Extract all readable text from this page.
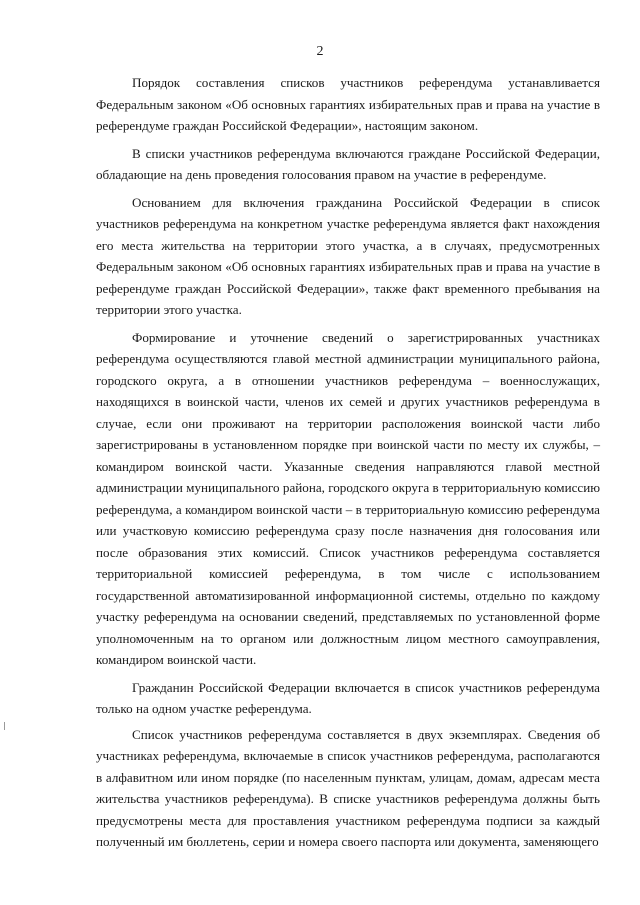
2

Порядок составления списков участников референдума устанавливается Федеральным законом «Об основных гарантиях избирательных прав и права на участие в референдуме граждан Российской Федерации», настоящим законом.

В списки участников референдума включаются граждане Российской Федерации, обладающие на день проведения голосования правом на участие в референдуме.

Основанием для включения гражданина Российской Федерации в список участников референдума на конкретном участке референдума является факт нахождения его места жительства на территории этого участка, а в случаях, предусмотренных Федеральным законом «Об основных гарантиях избирательных прав и права на участие в референдуме граждан Российской Федерации», также факт временного пребывания на территории этого участка.

Формирование и уточнение сведений о зарегистрированных участниках референдума осуществляются главой местной администрации муниципального района, городского округа, а в отношении участников референдума – военнослужащих, находящихся в воинской части, членов их семей и других участников референдума в случае, если они проживают на территории расположения воинской части либо зарегистрированы в установленном порядке при воинской части по месту их службы, – командиром воинской части. Указанные сведения направляются главой местной администрации муниципального района, городского округа в территориальную комиссию референдума, а командиром воинской части – в территориальную комиссию референдума или участковую комиссию референдума сразу после назначения дня голосования или после образования этих комиссий. Список участников референдума составляется территориальной комиссией референдума, в том числе с использованием государственной автоматизированной информационной системы, отдельно по каждому участку референдума на основании сведений, представляемых по установленной форме уполномоченным на то органом или должностным лицом местного самоуправления, командиром воинской части.

Гражданин Российской Федерации включается в список участников референдума только на одном участке референдума.

Список участников референдума составляется в двух экземплярах. Сведения об участниках референдума, включаемые в список участников референдума, располагаются в алфавитном или ином порядке (по населенным пунктам, улицам, домам, адресам места жительства участников референдума). В списке участников референдума должны быть предусмотрены места для проставления участником референдума подписи за каждый полученный им бюллетень, серии и номера своего паспорта или документа, заменяющего
